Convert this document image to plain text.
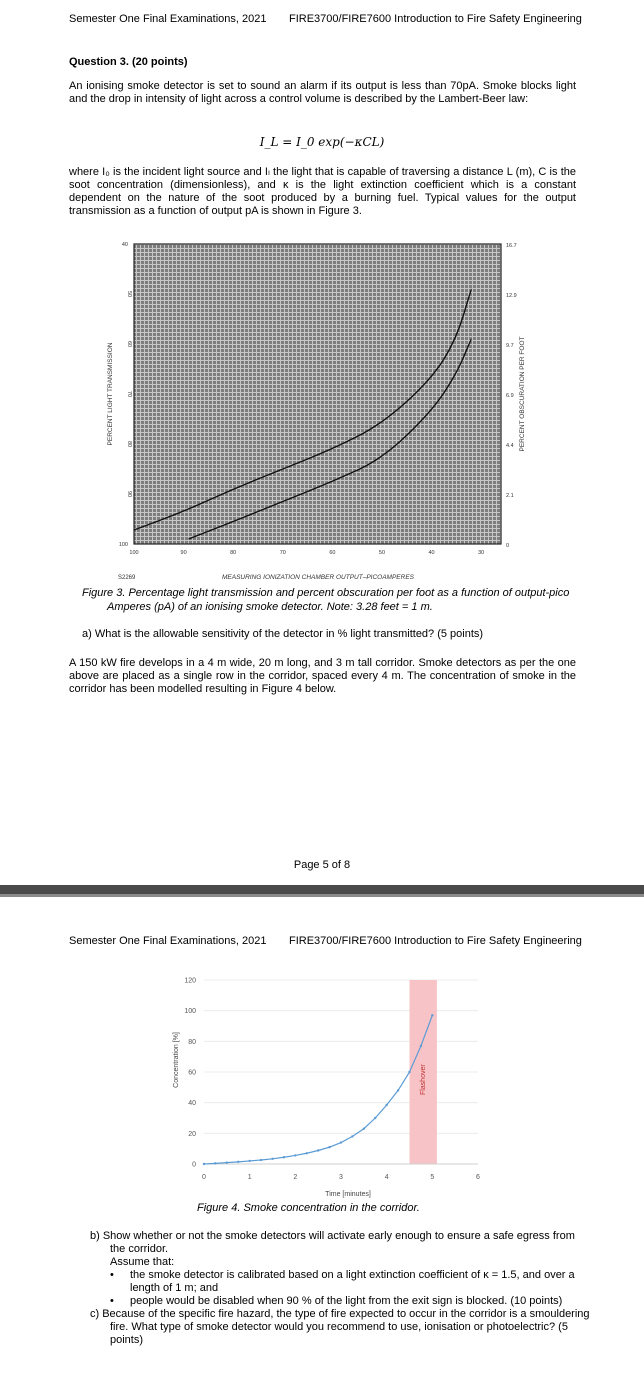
Semester One Final Examinations, 2021 FIRE3700/FIRE7600 Introduction to Fire Safety Engineering
Question 3. (20 points)
An ionising smoke detector is set to sound an alarm if its output is less than 70pA. Smoke blocks light and the drop in intensity of light across a control volume is described by the Lambert-Beer law:
I_L = I_0 exp(−κCL)
where I₀ is the incident light source and Iₗ the light that is capable of traversing a distance L (m), C is the soot concentration (dimensionless), and κ is the light extinction coefficient which is a constant dependent on the nature of the soot produced by a burning fuel. Typical values for the output transmission as a function of output pA is shown in Figure 3.
40
50
60
70
80
90
100
16.7
12.9
9.7
6.9
4.4
2.1
0
100	90	80	70	60	50	40	30
PERCENT LIGHT TRANSMISSION	PERCENT OBSCURATION PER FOOT
MEASURING IONIZATION CHAMBER OUTPUT–PICOAMPERES
S2269
Figure 3. Percentage light transmission and percent obscuration per foot as a function of output-pico Amperes (pA) of an ionising smoke detector. Note: 3.28 feet = 1 m.
a) What is the allowable sensitivity of the detector in % light transmitted? (5 points)
A 150 kW fire develops in a 4 m wide, 20 m long, and 3 m tall corridor. Smoke detectors as per the one above are placed as a single row in the corridor, spaced every 4 m. The concentration of smoke in the corridor has been modelled resulting in Figure 4 below.
Page 5 of 8
Semester One Final Examinations, 2021 FIRE3700/FIRE7600 Introduction to Fire Safety Engineering
Flashover
0
20
40
60
80
100
120
0	1	2	3	4	5	6
Concentration [%]
Time [minutes]
Figure 4. Smoke concentration in the corridor.
b) Show whether or not the smoke detectors will activate early enough to ensure a safe egress from the corridor.
Assume that:
• the smoke detector is calibrated based on a light extinction coefficient of κ = 1.5, and over a length of 1 m; and
• people would be disabled when 90 % of the light from the exit sign is blocked. (10 points)
c) Because of the specific fire hazard, the type of fire expected to occur in the corridor is a smouldering fire. What type of smoke detector would you recommend to use, ionisation or photoelectric? (5 points)
